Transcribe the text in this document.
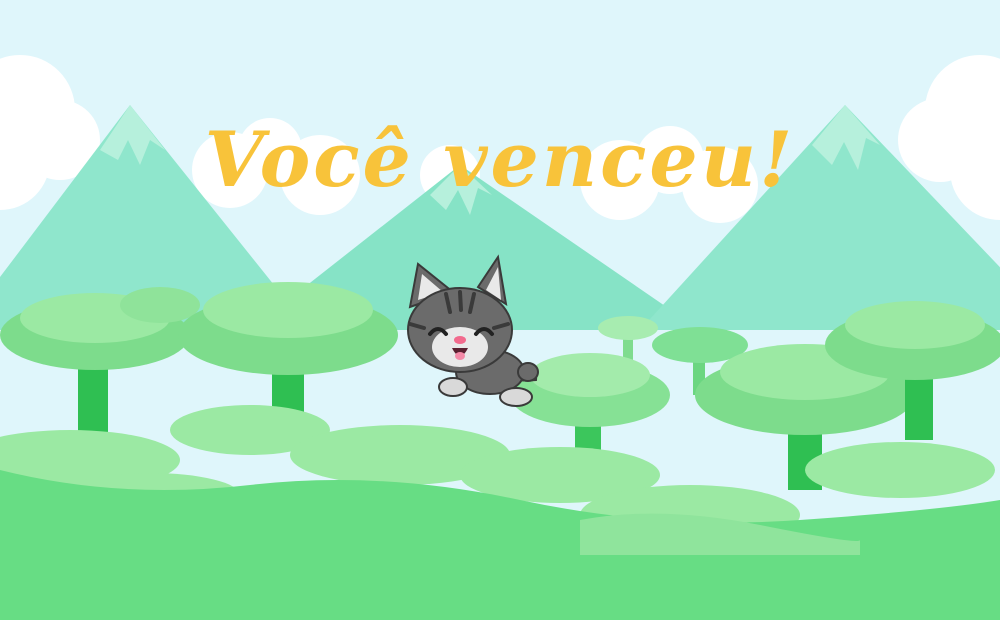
Você venceu!
